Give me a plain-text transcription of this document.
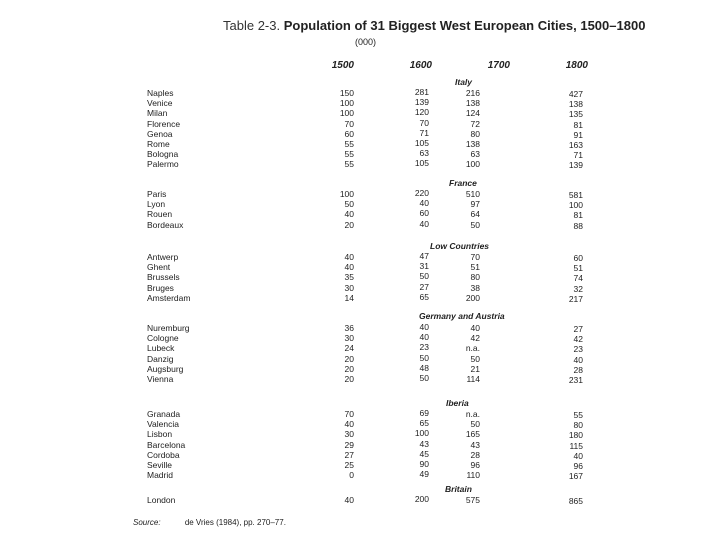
Table 2-3. Population of 31 Biggest West European Cities, 1500–1800
(000)
1500	1600	1700	1800
Italy
Naples	150	281	216	427
Venice	100	139	138	138
Milan	100	120	124	135
Florence	70	70	72	81
Genoa	60	71	80	91
Rome	55	105	138	163
Bologna	55	63	63	71
Palermo	55	105	100	139
France
Paris	100	220	510	581
Lyon	50	40	97	100
Rouen	40	60	64	81
Bordeaux	20	40	50	88
Low Countries
Antwerp	40	47	70	60
Ghent	40	31	51	51
Brussels	35	50	80	74
Bruges	30	27	38	32
Amsterdam	14	65	200	217
Germany and Austria
Nuremburg	36	40	40	27
Cologne	30	40	42	42
Lubeck	24	23	n.a.	23
Danzig	20	50	50	40
Augsburg	20	48	21	28
Vienna	20	50	114	231
Iberia
Granada	70	69	n.a.	55
Valencia	40	65	50	80
Lisbon	30	100	165	180
Barcelona	29	43	43	115
Cordoba	27	45	28	40
Seville	25	90	96	96
Madrid	0	49	110	167
Britain
London	40	200	575	865
Source:	de Vries (1984), pp. 270–77.
